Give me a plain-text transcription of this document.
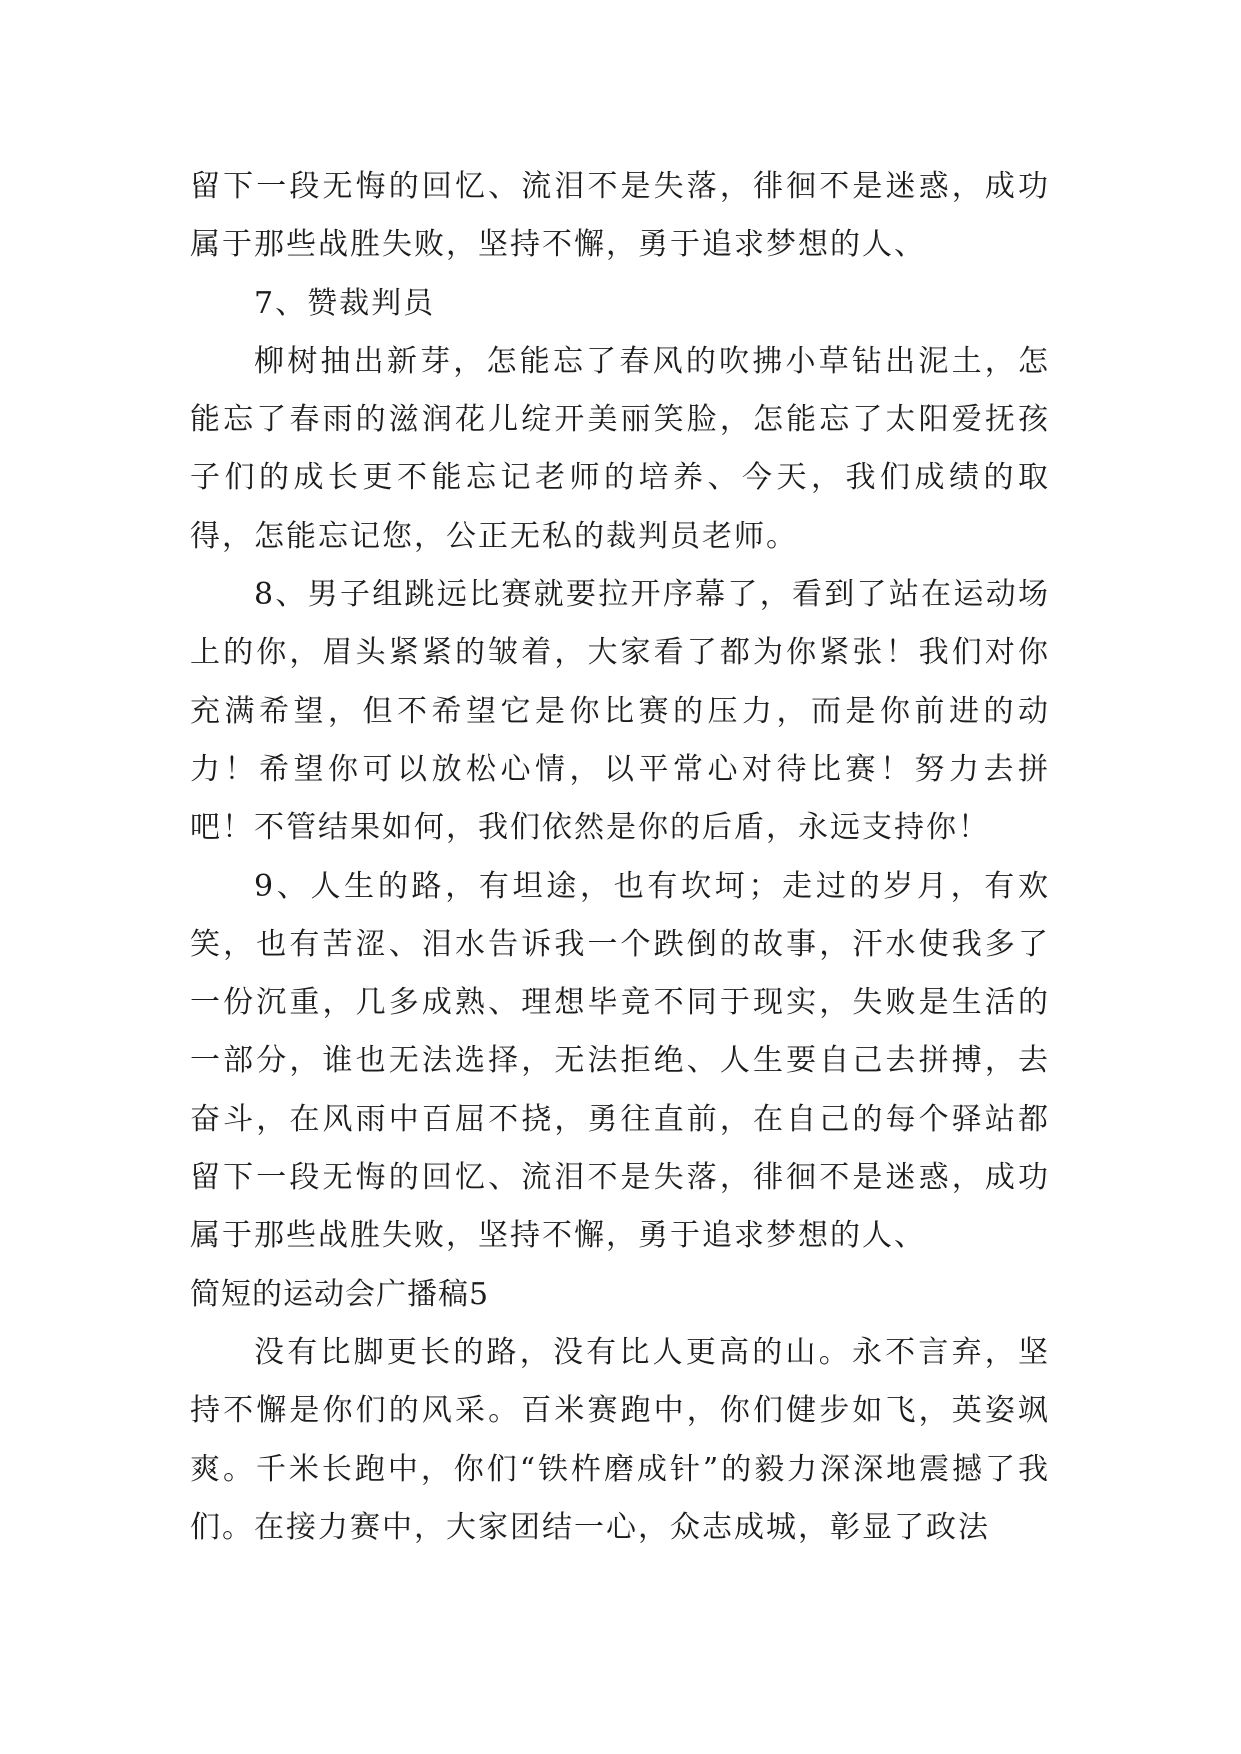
留下一段无悔的回忆、流泪不是失落，徘徊不是迷惑，成功属于那些战胜失败，坚持不懈，勇于追求梦想的人、

7、赞裁判员

柳树抽出新芽，怎能忘了春风的吹拂小草钻出泥土，怎能忘了春雨的滋润花儿绽开美丽笑脸，怎能忘了太阳爱抚孩子们的成长更不能忘记老师的培养、今天，我们成绩的取得，怎能忘记您，公正无私的裁判员老师。

8、男子组跳远比赛就要拉开序幕了，看到了站在运动场上的你，眉头紧紧的皱着，大家看了都为你紧张！我们对你充满希望，但不希望它是你比赛的压力，而是你前进的动力！希望你可以放松心情，以平常心对待比赛！努力去拼吧！不管结果如何，我们依然是你的后盾，永远支持你！

9、人生的路，有坦途，也有坎坷；走过的岁月，有欢笑，也有苦涩、泪水告诉我一个跌倒的故事，汗水使我多了一份沉重，几多成熟、理想毕竟不同于现实，失败是生活的一部分，谁也无法选择，无法拒绝、人生要自己去拼搏，去奋斗，在风雨中百屈不挠，勇往直前，在自己的每个驿站都留下一段无悔的回忆、流泪不是失落，徘徊不是迷惑，成功属于那些战胜失败，坚持不懈，勇于追求梦想的人、

简短的运动会广播稿5

没有比脚更长的路，没有比人更高的山。永不言弃，坚持不懈是你们的风采。百米赛跑中，你们健步如飞，英姿飒爽。千米长跑中，你们“铁杵磨成针”的毅力深深地震撼了我们。在接力赛中，大家团结一心，众志成城，彰显了政法
